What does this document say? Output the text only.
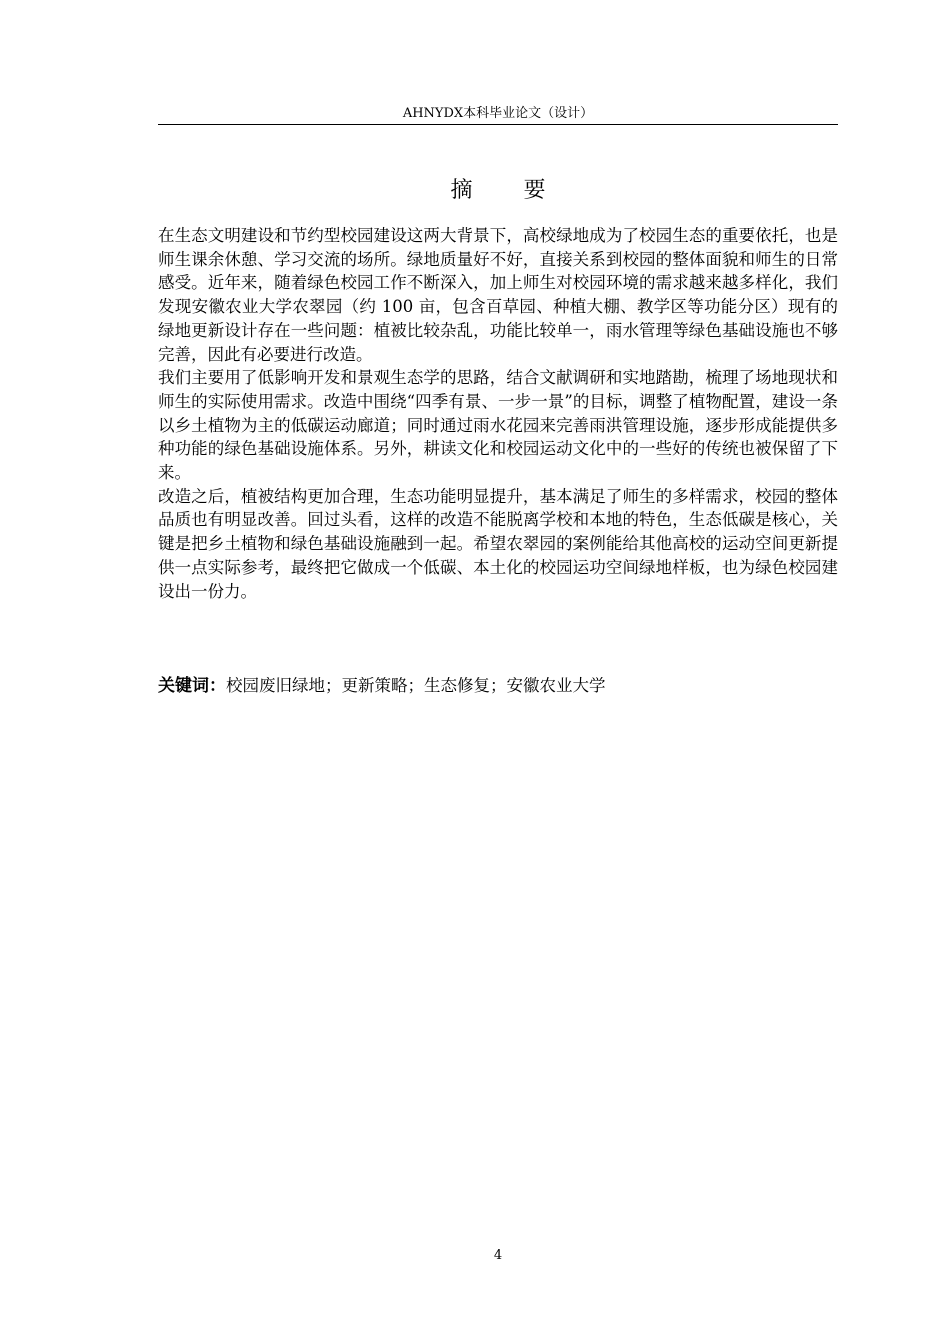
AHNYDX本科毕业论文（设计）
摘 要

在生态文明建设和节约型校园建设这两大背景下，高校绿地成为了校园生态的重要依托，也是师生课余休憩、学习交流的场所。绿地质量好不好，直接关系到校园的整体面貌和师生的日常感受。近年来，随着绿色校园工作不断深入，加上师生对校园环境的需求越来越多样化，我们发现安徽农业大学农翠园（约 100 亩，包含百草园、种植大棚、教学区等功能分区）现有的绿地更新设计存在一些问题：植被比较杂乱，功能比较单一，雨水管理等绿色基础设施也不够完善，因此有必要进行改造。

我们主要用了低影响开发和景观生态学的思路，结合文献调研和实地踏勘，梳理了场地现状和师生的实际使用需求。改造中围绕“四季有景、一步一景”的目标，调整了植物配置，建设一条以乡土植物为主的低碳运动廊道；同时通过雨水花园来完善雨洪管理设施，逐步形成能提供多种功能的绿色基础设施体系。另外，耕读文化和校园运动文化中的一些好的传统也被保留了下来。

改造之后，植被结构更加合理，生态功能明显提升，基本满足了师生的多样需求，校园的整体品质也有明显改善。回过头看，这样的改造不能脱离学校和本地的特色，生态低碳是核心，关键是把乡土植物和绿色基础设施融到一起。希望农翠园的案例能给其他高校的运动空间更新提供一点实际参考，最终把它做成一个低碳、本土化的校园运功空间绿地样板，也为绿色校园建设出一份力。

关键词：校园废旧绿地；更新策略；生态修复；安徽农业大学
4
